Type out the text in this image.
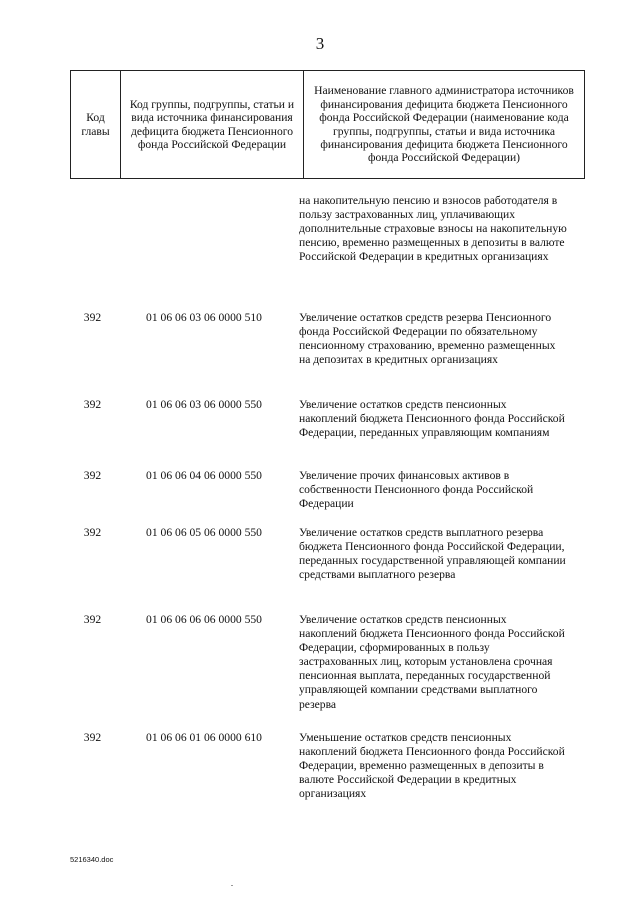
3
Код главы	Код группы, подгруппы, статьи и вида источника финансирования дефицита бюджета Пенсионного фонда Российской Федерации	Наименование главного администратора источников финансирования дефицита бюджета Пенсионного фонда Российской Федерации (наименование кода группы, подгруппы, статьи и вида источника финансирования дефицита бюджета Пенсионного фонда Российской Федерации)
на накопительную пенсию и взносов работодателя в пользу застрахованных лиц, уплачивающих дополнительные страховые взносы на накопительную пенсию, временно размещенных в депозиты в валюте Российской Федерации в кредитных организациях
392	01 06 06 03 06 0000 510	Увеличение остатков средств резерва Пенсионного фонда Российской Федерации по обязательному пенсионному страхованию, временно размещенных на депозитах в кредитных организациях
392	01 06 06 03 06 0000 550	Увеличение остатков средств пенсионных накоплений бюджета Пенсионного фонда Российской Федерации, переданных управляющим компаниям
392	01 06 06 04 06 0000 550	Увеличение прочих финансовых активов в собственности Пенсионного фонда Российской Федерации
392	01 06 06 05 06 0000 550	Увеличение остатков средств выплатного резерва бюджета Пенсионного фонда Российской Федерации, переданных государственной управляющей компании средствами выплатного резерва
392	01 06 06 06 06 0000 550	Увеличение остатков средств пенсионных накоплений бюджета Пенсионного фонда Российской Федерации, сформированных в пользу застрахованных лиц, которым установлена срочная пенсионная выплата, переданных государственной управляющей компании средствами выплатного резерва
392	01 06 06 01 06 0000 610	Уменьшение остатков средств пенсионных накоплений бюджета Пенсионного фонда Российской Федерации, временно размещенных в депозиты в валюте Российской Федерации в кредитных организациях
5216340.doc
